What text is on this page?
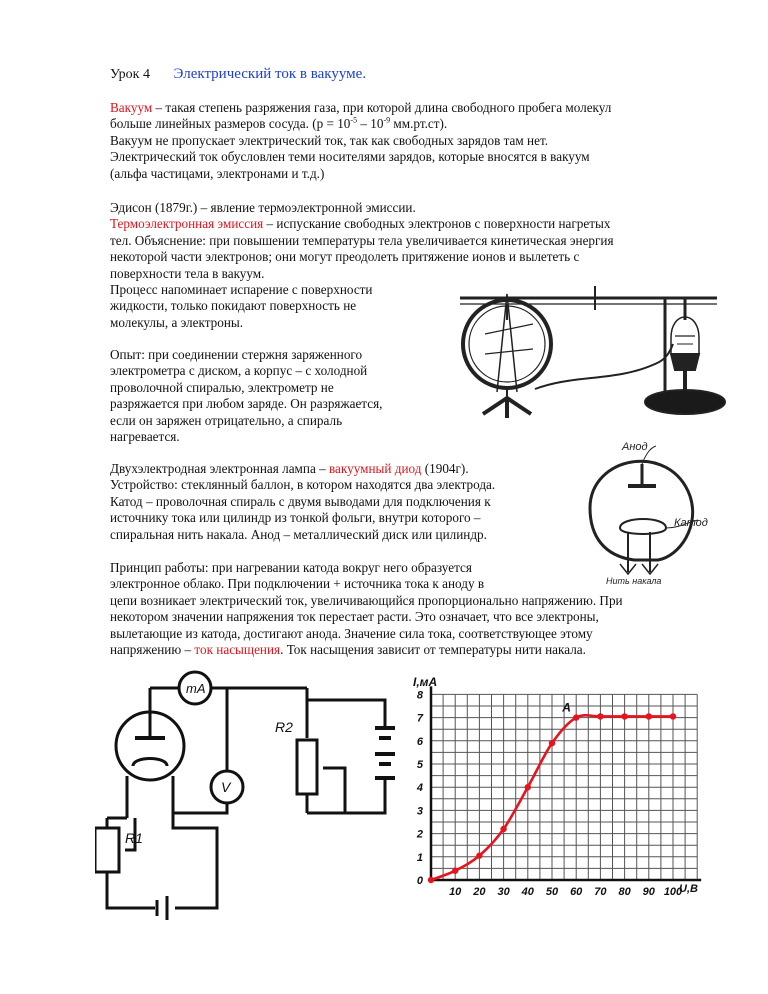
Урок 4 Электрический ток в вакууме.
Вакуум – такая степень разряжения газа, при которой длина свободного пробега молекул
больше линейных размеров сосуда. ($р = 10^{-5} - 10^{-9}$ мм.рт.ст).
Вакуум не пропускает электрический ток, так как свободных зарядов там нет.
Электрический ток обусловлен теми носителями зарядов, которые вносятся в вакуум
(альфа частицами, электронами и т.д.)
Эдисон (1879г.) – явление термоэлектронной эмиссии.
Термоэлектронная эмиссия – испускание свободных электронов с поверхности нагретых
тел. Объяснение: при повышении температуры тела увеличивается кинетическая энергия
некоторой части электронов; они могут преодолеть притяжение ионов и вылететь с
поверхности тела в вакуум.
Процесс напоминает испарение с поверхности
жидкости, только покидают поверхность не
молекулы, а электроны.
Опыт: при соединении стержня заряженного
электрометра с диском, а корпус – с холодной
проволочной спиралью, электрометр не
разряжается при любом заряде. Он разряжается,
если он заряжен отрицательно, а спираль
нагревается.
Двухэлектродная электронная лампа – вакуумный диод (1904г).
Устройство: стеклянный баллон, в котором находятся два электрода.
Катод – проволочная спираль с двумя выводами для подключения к
источнику тока или цилиндр из тонкой фольги, внутри которого –
спиральная нить накала. Анод – металлический диск или цилиндр.
Принцип работы: при нагревании катода вокруг него образуется
электронное облако. При подключении + источника тока к аноду в
цепи возникает электрический ток, увеличивающийся пропорционально напряжению. При
некотором значении напряжения ток перестает расти. Это означает, что все электроны,
вылетающие из катода, достигают анода. Значение сила тока, соответствующее этому
напряжению – ток насыщения. Ток насыщения зависит от температуры нити накала.
Анод
Катод
Нить накала
mA
V
R1
R2
10 20 30 40 50 60 70 80 90 100
0
1
2
3
4
5
6
7
8
I,мА
U,B
A
